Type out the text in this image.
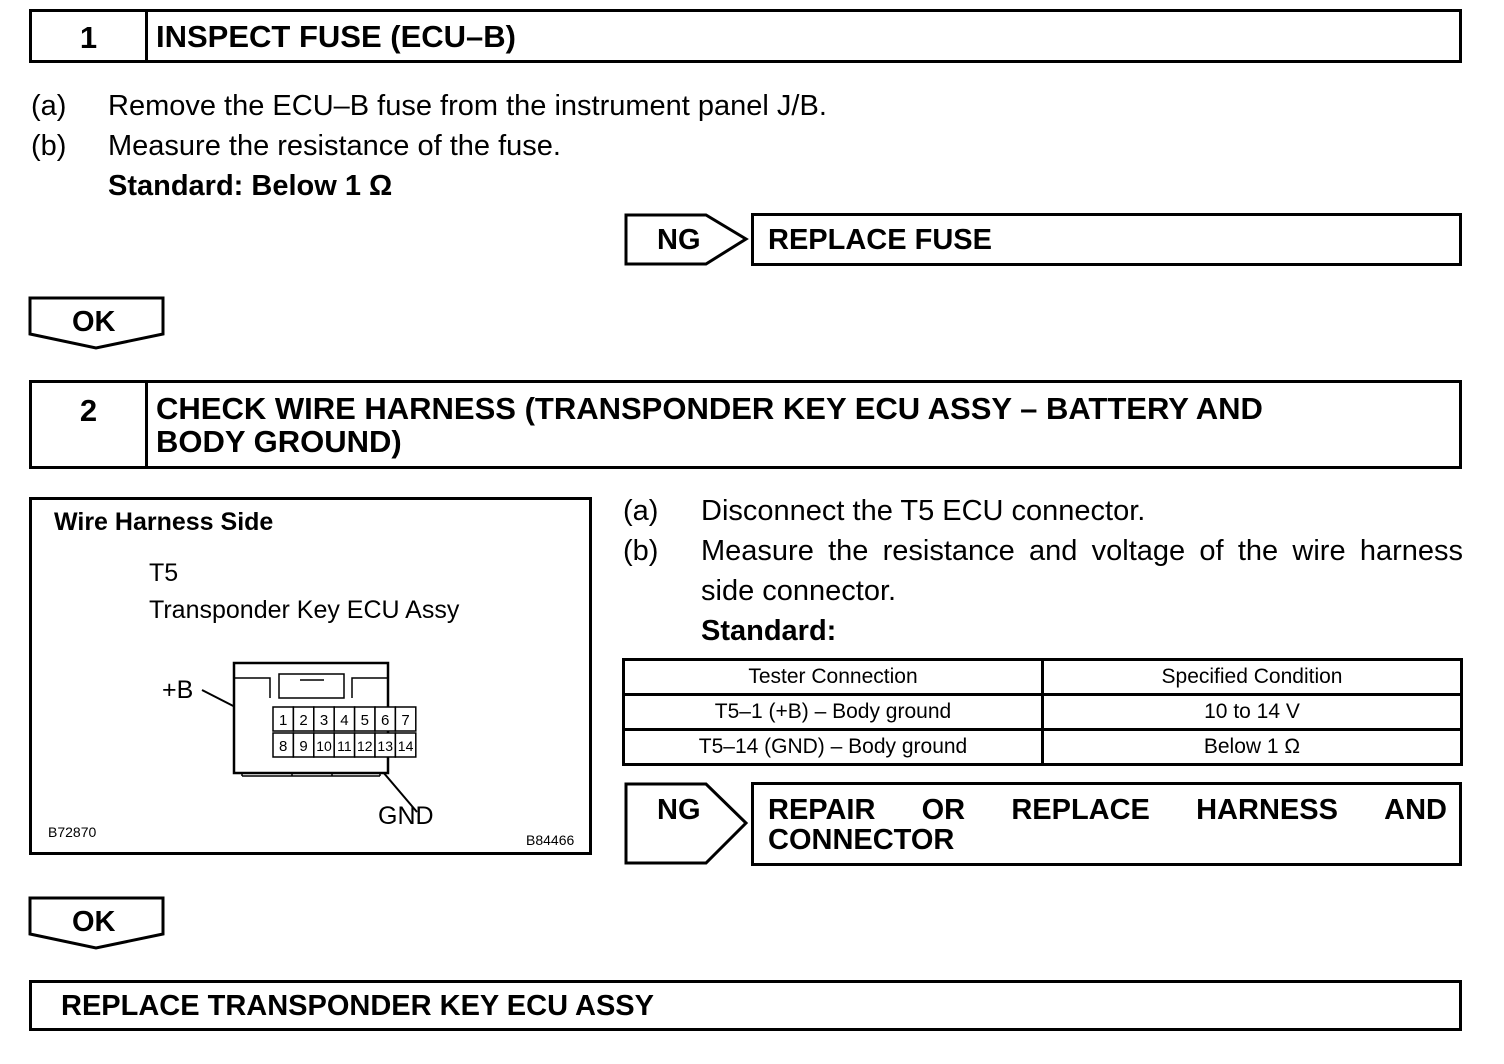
1	INSPECT FUSE (ECU–B)
(a) Remove the ECU–B fuse from the instrument panel J/B.
(b) Measure the resistance of the fuse.
Standard: Below 1 Ω
NG REPLACE FUSE
OK
2	CHECK WIRE HARNESS (TRANSPONDER KEY ECU ASSY – BATTERY AND
BODY GROUND)
Wire Harness Side
T5
Transponder Key ECU Assy
+B
GND
B72870	B84466
1 2 3 4 5 6 7
8 9 10 11 12 13 14
(a) Disconnect the T5 ECU connector.
(b) Measure the resistance and voltage of the wire harness
side connector.
Standard:
Tester Connection	Specified Condition
T5–1 (+B) – Body ground	10 to 14 V
T5–14 (GND) – Body ground	Below 1 Ω
NG REPAIR OR REPLACE HARNESS AND
CONNECTOR
OK
REPLACE TRANSPONDER KEY ECU ASSY
